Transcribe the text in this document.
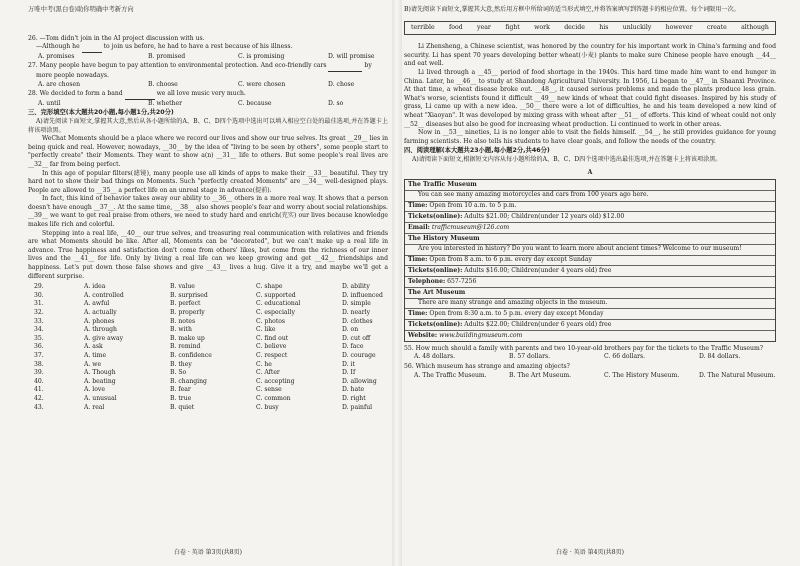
万唯中考(黑白卷)助你明确中考新方向
26. —Tom didn't join in the AI project discussion with us.
—Although he	to join us before, he had to have a rest because of his illness.
A. promises	B. promised	C. is promising	D. will promise
27. Many people have begun to pay attention to environmental protection. And eco-friendly cars	by
more people nowadays.
A. are chosen	B. choose	C. were chosen	D. chose
28. We decided to form a band	we all love music very much.
A. until	B. whether	C. because	D. so
三、完形填空(本大题共20小题,每小题1分,共20分)
A)请先阅读下面短文,掌握其大意,然后从各小题所给的A、B、C、D四个选项中选出可以填入相应空白处的最佳选项,并在答题卡上将该项涂黑。
WeChat Moments should be a place where we record our lives and show our true selves. Its great __29__ lies in being quick and real. However, nowadays, __30__ by the idea of "living to be seen by others", some people start to "perfectly create" their Moments. They want to show a(n) __31__ life to others. But some people's real lives are __32__ far from being perfect.
In this age of popular filters(滤镜), many people use all kinds of apps to make their __33__ beautiful. They try hard not to show their bad things on Moments. Such "perfectly created Moments" are __34__ well-designed plays. People are allowed to __35__ a perfect life on an unreal stage in advance(提前).
In fact, this kind of behavior takes away our ability to __36__ others in a more real way. It shows that a person doesn't have enough __37__. At the same time, __38__ also shows people's fear and worry about social relationships. __39__ we want to get real praise from others, we need to study hard and enrich(充实) our lives because knowledge makes life rich and colorful.
Stepping into a real life, __40__ our true selves, and treasuring real communication with relatives and friends are what Moments should be like. After all, Moments can be "decorated", but we can't make up a real life in advance. True happiness and satisfaction don't come from others' likes, but come from the richness of our inner lives and the __41__ for life. Only by living a real life can we keep growing and get __42__ friendships and happiness. Let's put down those false shows and give __43__ lives a hug. Give it a try, and maybe we'll get a different surprise.
29.	A. idea	B. value	C. shape	D. ability
30.	A. controlled	B. surprised	C. supported	D. influenced
31.	A. awful	B. perfect	C. educational	D. simple
32.	A. actually	B. properly	C. especially	D. nearly
33.	A. phones	B. notes	C. photos	D. clothes
34.	A. through	B. with	C. like	D. on
35.	A. give away	B. make up	C. find out	D. cut off
36.	A. ask	B. remind	C. believe	D. face
37.	A. time	B. confidence	C. respect	D. courage
38.	A. we	B. they	C. he	D. it
39.	A. Though	B. So	C. After	D. If
40.	A. beating	B. changing	C. accepting	D. allowing
41.	A. love	B. fear	C. sense	D. hate
42.	A. unusual	B. true	C. common	D. right
43.	A. real	B. quiet	C. busy	D. painful
白卷 · 英语 第3页(共8页)
B)请先阅读下面短文,掌握其大意,然后用方框中所给词的适当形式填空,并将答案填写到答题卡的相应位置。每个词限用一次。
terrible food year fight work decide his unluckily however create although
Li Zhensheng, a Chinese scientist, was honored by the country for his important work in China's farming and food security. Li has spent 70 years developing better wheat(小麦) plants to make sure Chinese people have enough __44__ and eat well.
Li lived through a __45__ period of food shortage in the 1940s. This hard time made him want to end hunger in China. Later, he __46__ to study at Shandong Agricultural University. In 1956, Li began to __47__ in Shaanxi Province. At that time, a wheat disease broke out. __48__, it caused serious problems and made the plants produce less grain. What's worse, scientists found it difficult __49__ new kinds of wheat that could fight diseases. Inspired by his study of grass, Li came up with a new idea. __50__ there were a lot of difficulties, he and his team developed a new kind of wheat "Xiaoyan". It was developed by mixing grass with wheat after __51__ of efforts. This kind of wheat could not only __52__ diseases but also be good for increasing wheat production. Li continued to work in other areas.
Now in __53__ nineties, Li is no longer able to visit the fields himself. __54__, he still provides guidance for young farming scientists. He also tells his students to have clear goals, and follow the needs of the country.
四、阅读理解(本大题共23小题,每小题2分,共46分)
A)请阅读下面短文,根据短文内容从每小题所给的A、B、C、D四个选项中选出最佳选项,并在答题卡上将该项涂黑。
A
The Traffic Museum
You can see many amazing motorcycles and cars from 100 years ago here.
Time: Open from 10 a.m. to 5 p.m.
Tickets(online): Adults $21.00; Children(under 12 years old) $12.00
Email: trafficmuseum@126.com
The History Museum
Are you interested in history? Do you want to learn more about ancient times? Welcome to our museum!
Time: Open from 8 a.m. to 6 p.m. every day except Sunday
Tickets(online): Adults $16.00; Children(under 4 years old) free
Telephone: 657-7256
The Art Museum
There are many strange and amazing objects in the museum.
Time: Open from 8:30 a.m. to 5 p.m. every day except Monday
Tickets(online): Adults $22.00; Children(under 6 years old) free
Website: www.buildingmuseum.com
55. How much should a family with parents and two 10-year-old brothers pay for the tickets to the Traffic Museum?
A. 48 dollars.	B. 57 dollars.	C. 66 dollars.	D. 84 dollars.
56. Which museum has strange and amazing objects?
A. The Traffic Museum.	B. The Art Museum.	C. The History Museum.	D. The Natural Museum.
白卷 · 英语 第4页(共8页)
